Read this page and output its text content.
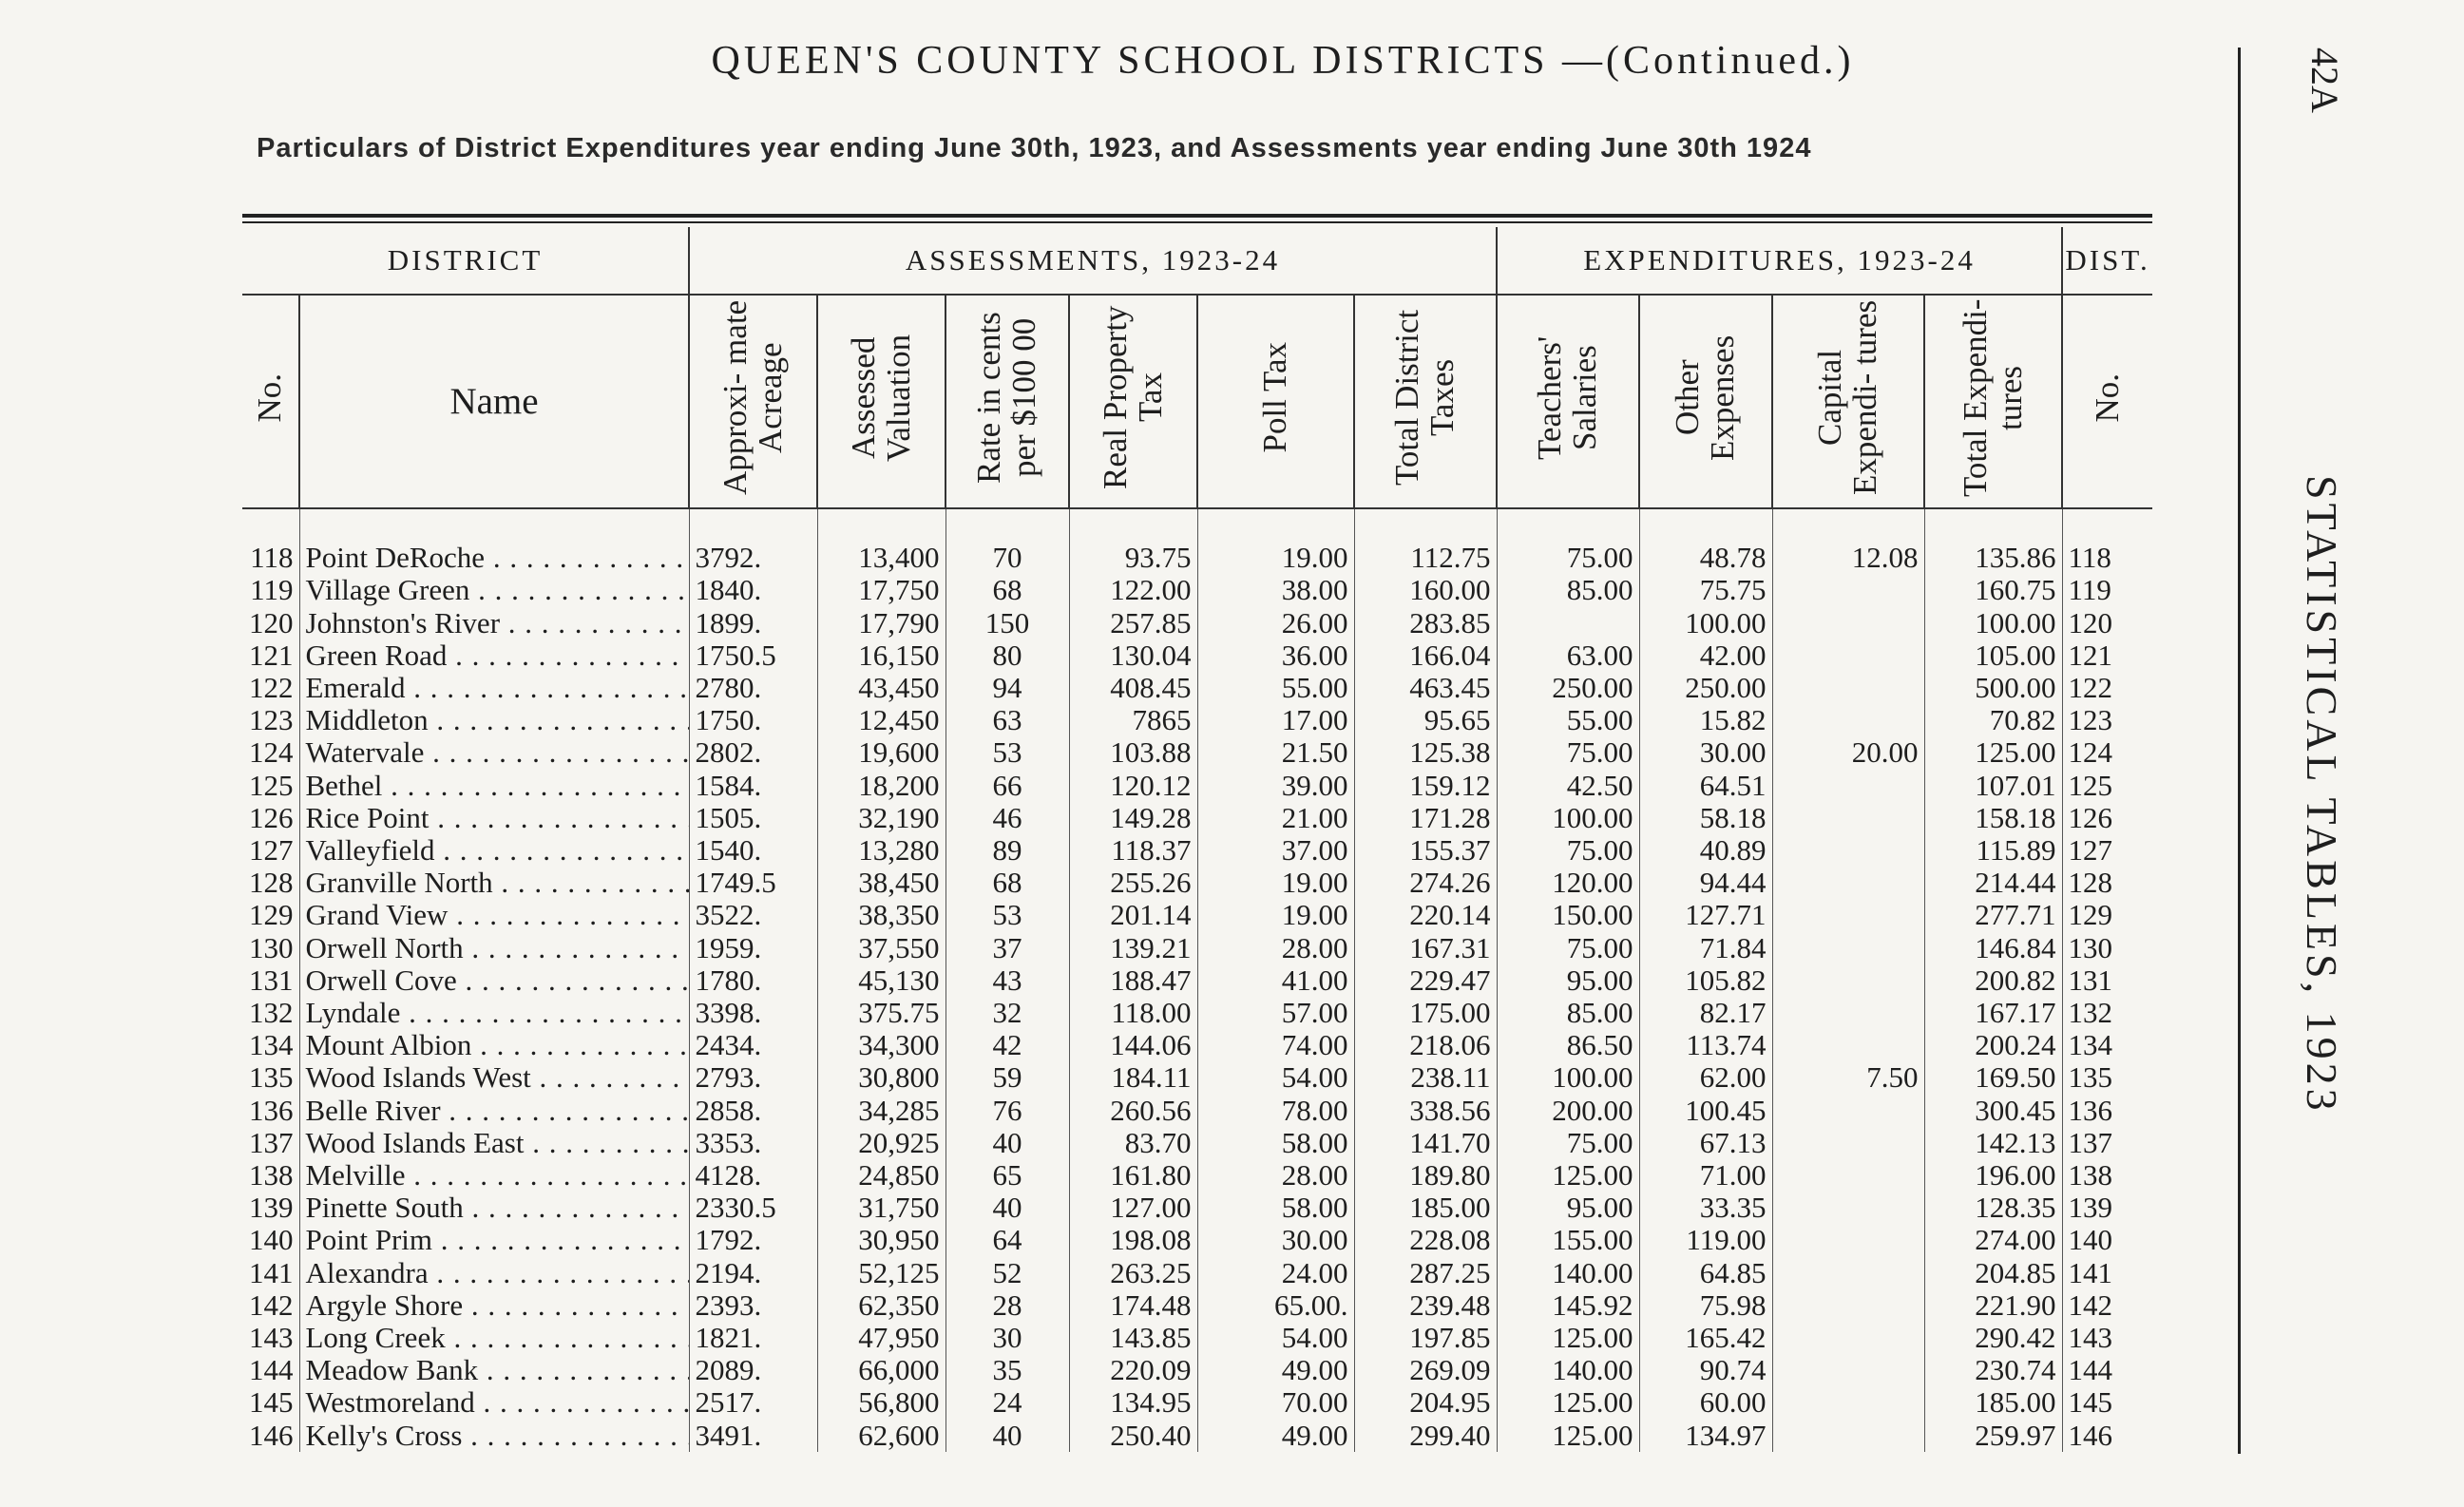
QUEEN'S COUNTY SCHOOL DISTRICTS —(Continued.)
Particulars of District Expenditures year ending June 30th, 1923, and Assessments year ending June 30th 1924
42A
STATISTICAL TABLES, 1923
DISTRICT		ASSESSMENTS, 1923-24						EXPENDITURES, 1923-24				DIST.
No.	Name	Approxi- mate Acreage	Assessed Valuation	Rate in cents per $100 00	Real Property Tax	Poll Tax	Total District Taxes	Teachers' Salaries	Other Expenses	Capital Expendi- tures	Total Expendi- tures	No.

118	Point DeRoche . . .	3792.	13,400	70	93.75	19.00	112.75	75.00	48.78	12.08	135.86	118
119	Village Green . . .	1840.	17,750	68	122.00	38.00	160.00	85.00	75.75		160.75	119
120	Johnston's River . . .	1899.	17,790	150	257.85	26.00	283.85		100.00		100.00	120
121	Green Road . . .	1750.5	16,150	80	130.04	36.00	166.04	63.00	42.00		105.00	121
122	Emerald . . .	2780.	43,450	94	408.45	55.00	463.45	250.00	250.00		500.00	122
123	Middleton . . .	1750.	12,450	63	7865	17.00	95.65	55.00	15.82		70.82	123
124	Watervale . . .	2802.	19,600	53	103.88	21.50	125.38	75.00	30.00	20.00	125.00	124
125	Bethel . . .	1584.	18,200	66	120.12	39.00	159.12	42.50	64.51		107.01	125
126	Rice Point . . .	1505.	32,190	46	149.28	21.00	171.28	100.00	58.18		158.18	126
127	Valleyfield . . .	1540.	13,280	89	118.37	37.00	155.37	75.00	40.89		115.89	127
128	Granville North . . .	1749.5	38,450	68	255.26	19.00	274.26	120.00	94.44		214.44	128
129	Grand View . . .	3522.	38,350	53	201.14	19.00	220.14	150.00	127.71		277.71	129
130	Orwell North . . .	1959.	37,550	37	139.21	28.00	167.31	75.00	71.84		146.84	130
131	Orwell Cove . . .	1780.	45,130	43	188.47	41.00	229.47	95.00	105.82		200.82	131
132	Lyndale . . .	3398.	375.75	32	118.00	57.00	175.00	85.00	82.17		167.17	132
134	Mount Albion . . .	2434.	34,300	42	144.06	74.00	218.06	86.50	113.74		200.24	134
135	Wood Islands West . . .	2793.	30,800	59	184.11	54.00	238.11	100.00	62.00	7.50	169.50	135
136	Belle River . . .	2858.	34,285	76	260.56	78.00	338.56	200.00	100.45		300.45	136
137	Wood Islands East . . .	3353.	20,925	40	83.70	58.00	141.70	75.00	67.13		142.13	137
138	Melville . . .	4128.	24,850	65	161.80	28.00	189.80	125.00	71.00		196.00	138
139	Pinette South . . .	2330.5	31,750	40	127.00	58.00	185.00	95.00	33.35		128.35	139
140	Point Prim . . .	1792.	30,950	64	198.08	30.00	228.08	155.00	119.00		274.00	140
141	Alexandra . . .	2194.	52,125	52	263.25	24.00	287.25	140.00	64.85		204.85	141
142	Argyle Shore . . .	2393.	62,350	28	174.48	65.00.	239.48	145.92	75.98		221.90	142
143	Long Creek . . .	1821.	47,950	30	143.85	54.00	197.85	125.00	165.42		290.42	143
144	Meadow Bank . . .	2089.	66,000	35	220.09	49.00	269.09	140.00	90.74		230.74	144
145	Westmoreland . . .	2517.	56,800	24	134.95	70.00	204.95	125.00	60.00		185.00	145
146	Kelly's Cross . . .	3491.	62,600	40	250.40	49.00	299.40	125.00	134.97		259.97	146
